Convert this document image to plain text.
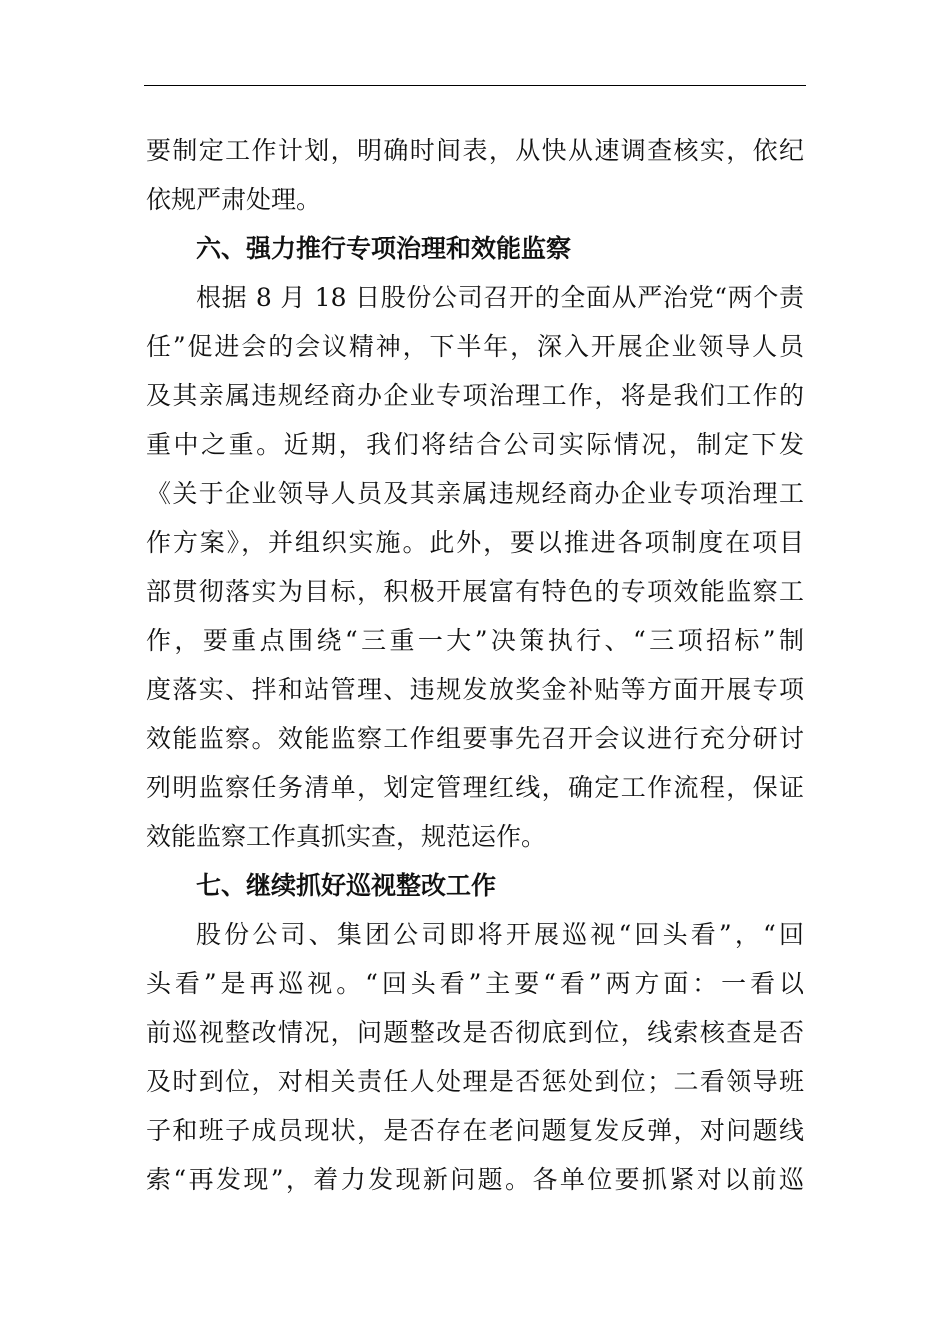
要制定工作计划，明确时间表，从快从速调查核实，依纪
依规严肃处理。
六、强力推行专项治理和效能监察
根据 8 月 18 日股份公司召开的全面从严治党“两个责
任”促进会的会议精神，下半年，深入开展企业领导人员
及其亲属违规经商办企业专项治理工作，将是我们工作的
重中之重。近期，我们将结合公司实际情况，制定下发
《关于企业领导人员及其亲属违规经商办企业专项治理工
作方案》，并组织实施。此外，要以推进各项制度在项目
部贯彻落实为目标，积极开展富有特色的专项效能监察工
作，要重点围绕“三重一大”决策执行、“三项招标”制
度落实、拌和站管理、违规发放奖金补贴等方面开展专项
效能监察。效能监察工作组要事先召开会议进行充分研讨
列明监察任务清单，划定管理红线，确定工作流程，保证
效能监察工作真抓实查，规范运作。
七、继续抓好巡视整改工作
股份公司、集团公司即将开展巡视“回头看”，“回
头看”是再巡视。“回头看”主要“看”两方面：一看以
前巡视整改情况，问题整改是否彻底到位，线索核查是否
及时到位，对相关责任人处理是否惩处到位；二看领导班
子和班子成员现状，是否存在老问题复发反弹，对问题线
索“再发现”，着力发现新问题。各单位要抓紧对以前巡
